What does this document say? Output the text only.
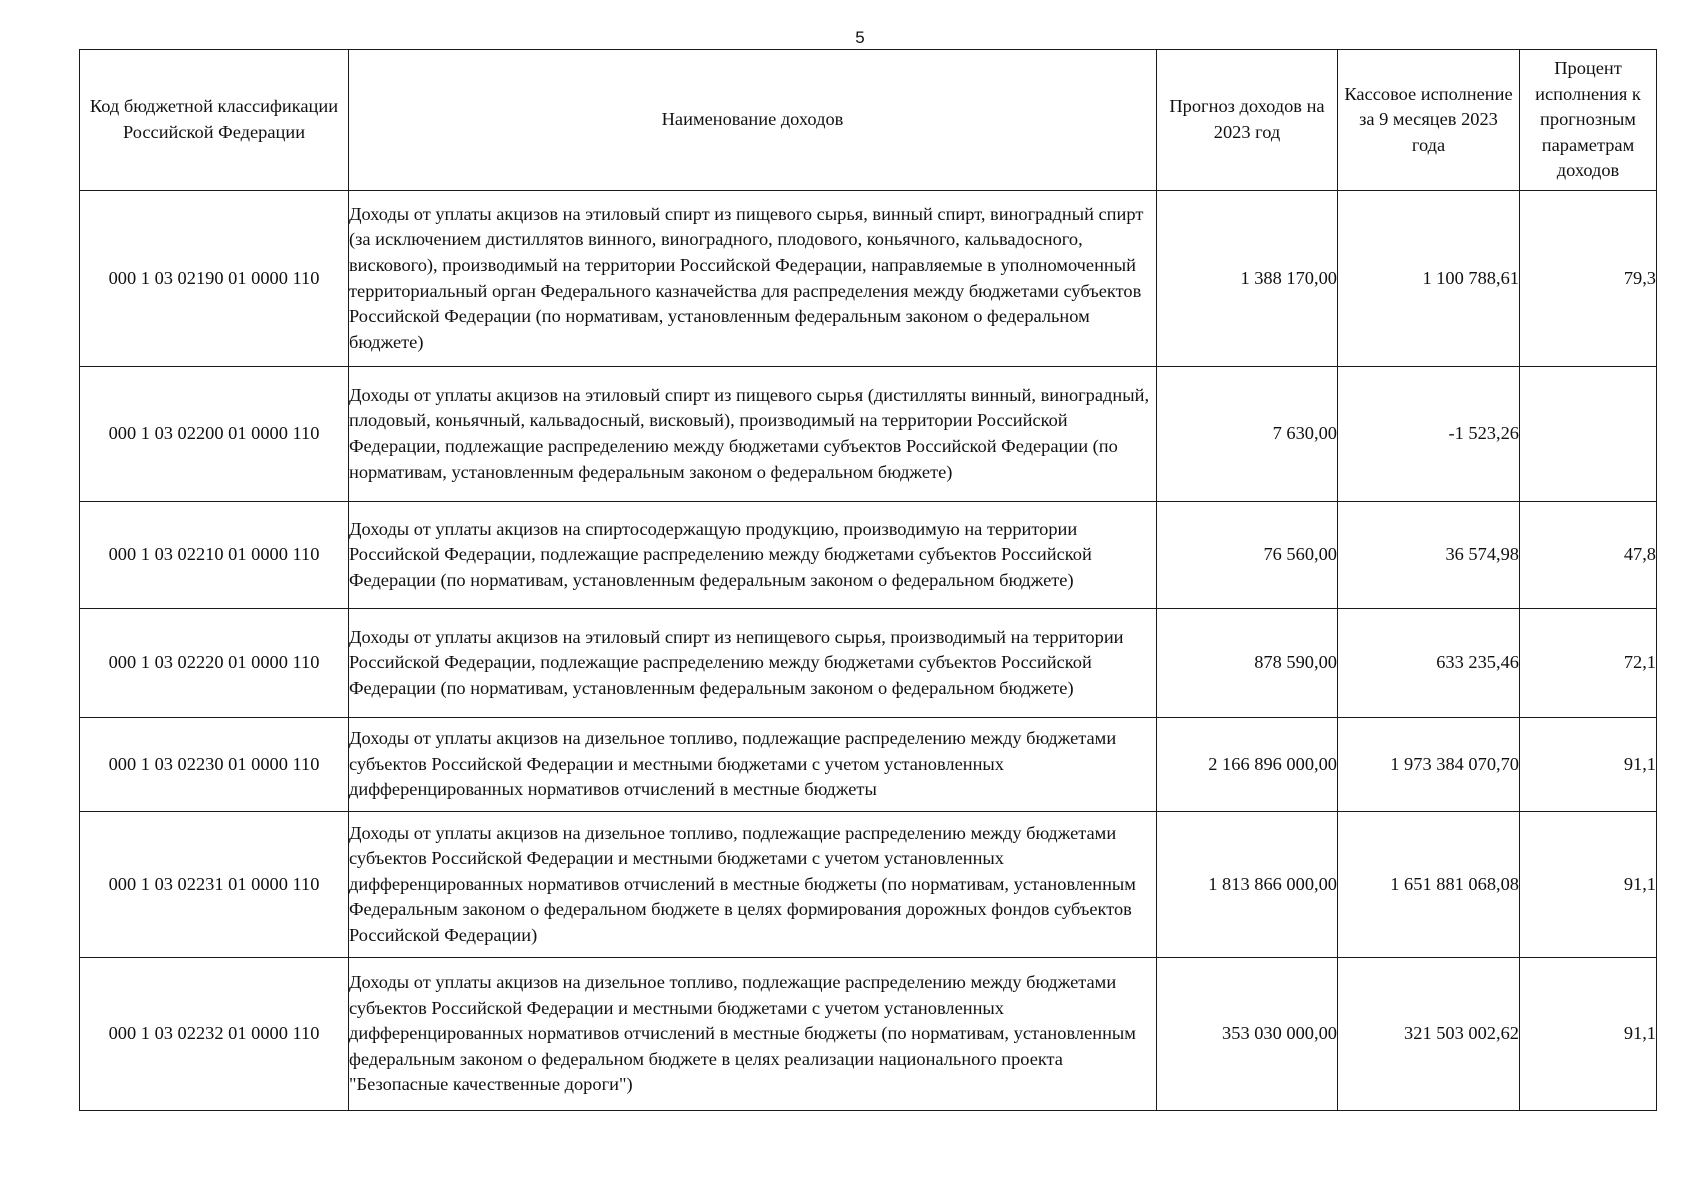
5
Код бюджетной классификации Российской Федерации	Наименование доходов	Прогноз доходов на 2023 год	Кассовое исполнение за 9 месяцев 2023 года	Процент исполнения к прогнозным параметрам доходов
000 1 03 02190 01 0000 110	Доходы от уплаты акцизов на этиловый спирт из пищевого сырья, винный спирт, виноградный спирт (за исключением дистиллятов винного, виноградного, плодового, коньячного, кальвадосного, вискового), производимый на территории Российской Федерации, направляемые в уполномоченный территориальный орган Федерального казначейства для распределения между бюджетами субъектов Российской Федерации (по нормативам, установленным федеральным законом о федеральном бюджете)	1 388 170,00	1 100 788,61	79,3
000 1 03 02200 01 0000 110	Доходы от уплаты акцизов на этиловый спирт из пищевого сырья (дистилляты винный, виноградный, плодовый, коньячный, кальвадосный, висковый), производимый на территории Российской Федерации, подлежащие распределению между бюджетами субъектов Российской Федерации (по нормативам, установленным федеральным законом о федеральном бюджете)	7 630,00	-1 523,26	
000 1 03 02210 01 0000 110	Доходы от уплаты акцизов на спиртосодержащую продукцию, производимую на территории Российской Федерации, подлежащие распределению между бюджетами субъектов Российской Федерации (по нормативам, установленным федеральным законом о федеральном бюджете)	76 560,00	36 574,98	47,8
000 1 03 02220 01 0000 110	Доходы от уплаты акцизов на этиловый спирт из непищевого сырья, производимый на территории Российской Федерации, подлежащие распределению между бюджетами субъектов Российской Федерации (по нормативам, установленным федеральным законом о федеральном бюджете)	878 590,00	633 235,46	72,1
000 1 03 02230 01 0000 110	Доходы от уплаты акцизов на дизельное топливо, подлежащие распределению между бюджетами субъектов Российской Федерации и местными бюджетами с учетом установленных дифференцированных нормативов отчислений в местные бюджеты	2 166 896 000,00	1 973 384 070,70	91,1
000 1 03 02231 01 0000 110	Доходы от уплаты акцизов на дизельное топливо, подлежащие распределению между бюджетами субъектов Российской Федерации и местными бюджетами с учетом установленных дифференцированных нормативов отчислений в местные бюджеты (по нормативам, установленным Федеральным законом о федеральном бюджете в целях формирования дорожных фондов субъектов Российской Федерации)	1 813 866 000,00	1 651 881 068,08	91,1
000 1 03 02232 01 0000 110	Доходы от уплаты акцизов на дизельное топливо, подлежащие распределению между бюджетами субъектов Российской Федерации и местными бюджетами с учетом установленных дифференцированных нормативов отчислений в местные бюджеты (по нормативам, установленным федеральным законом о федеральном бюджете в целях реализации национального проекта "Безопасные качественные дороги")	353 030 000,00	321 503 002,62	91,1
